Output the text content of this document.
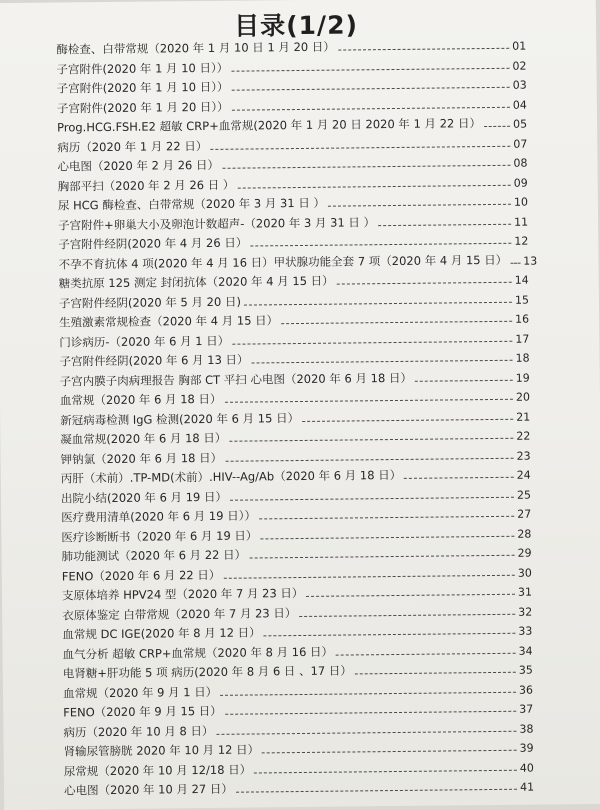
目录(1/2)
酶检查、白带常规（2020 年 1 月 10 日 1 月 20 日）	01
子宫附件(2020 年 1 月 10 日））	02
子宫附件(2020 年 1 月 10 日））	03
子宫附件(2020 年 1 月 20 日））	04
Prog.HCG.FSH.E2 超敏 CRP+血常规(2020 年 1 月 20 日 2020 年 1 月 22 日）	05
病历（2020 年 1 月 22 日）	07
心电图（2020 年 2 月 26 日）	08
胸部平扫（2020 年 2 月 26 日 ）	09
尿 HCG 酶检查、白带常规（2020 年 3 月 31 日 ）	10
子宫附件+卵巢大小及卵泡计数超声-（2020 年 3 月 31 日 ）	11
子宫附件经阴(2020 年 4 月 26 日）	12
不孕不育抗体 4 项(2020 年 4 月 16 日）甲状腺功能全套 7 项（2020 年 4 月 15 日） 13
糖类抗原 125 测定 封闭抗体（2020 年 4 月 15 日）	14
子宫附件经阴(2020 年 5 月 20 日)	15
生殖激素常规检查（2020 年 4 月 15 日）	16
门诊病历-（2020 年 6 月 1 日）	17
子宫附件经阴(2020 年 6 月 13 日）	18
子宫内膜子肉病理报告 胸部 CT 平扫 心电图（2020 年 6 月 18 日）	19
血常规（2020 年 6 月 18 日）	20
新冠病毒检测 IgG 检测(2020 年 6 月 15 日）	21
凝血常规(2020 年 6 月 18 日）	22
钾钠氯（2020 年 6 月 18 日）	23
丙肝（术前）.TP-MD(术前）.HIV--Ag/Ab（2020 年 6 月 18 日）	24
出院小结(2020 年 6 月 19 日）	25
医疗费用清单(2020 年 6 月 19 日））	27
医疗诊断断书（2020 年 6 月 19 日）	28
肺功能测试（2020 年 6 月 22 日）	29
FENO（2020 年 6 月 22 日）	30
支原体培养 HPV24 型（2020 年 7 月 23 日）	31
衣原体鉴定 白带常规（2020 年 7 月 23 日）	32
血常规 DC IGE(2020 年 8 月 12 日）	33
血气分析 超敏 CRP+血常规（2020 年 8 月 16 日）	34
电肾糖+肝功能 5 项 病历(2020 年 8 月 6 日 、17 日）	35
血常规（2020 年 9 月 1 日）	36
FENO（2020 年 9 月 15 日）	37
病历（2020 年 10 月 8 日）	38
肾输尿管膀胱 2020 年 10 月 12 日）	39
尿常规（2020 年 10 月 12/18 日）	40
心电图（2020 年 10 月 27 日）	41
